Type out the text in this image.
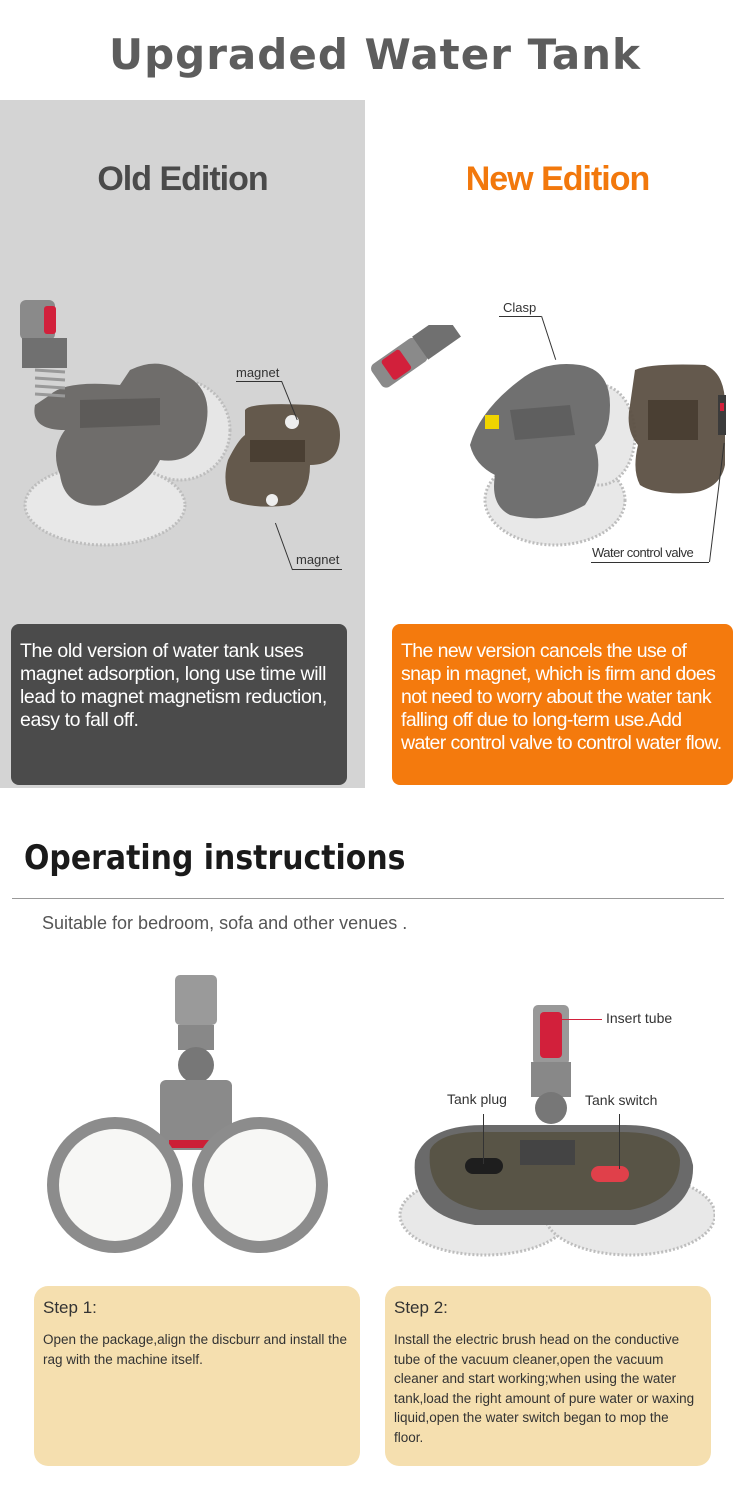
Upgraded Water Tank
Old Edition
magnet
magnet
The old version of water tank uses magnet adsorption, long use time will lead to magnet magnetism reduction, easy to fall off.
New Edition
Clasp
Water control valve
The new version cancels the use of snap in magnet, which is firm and does not need to worry about the water tank falling off due to long-term use.Add water control valve to control water flow.
Operating instructions
Suitable for bedroom, sofa and other venues .
Insert tube
Tank plug	Tank switch
Step 1:
Open the package,align the discburr and install the rag with the machine itself.
Step 2:
Install the electric brush head on the conductive tube of the vacuum cleaner,open the vacuum cleaner and start working;when using the water tank,load the right amount of pure water or waxing liquid,open the water switch began to mop the floor.
